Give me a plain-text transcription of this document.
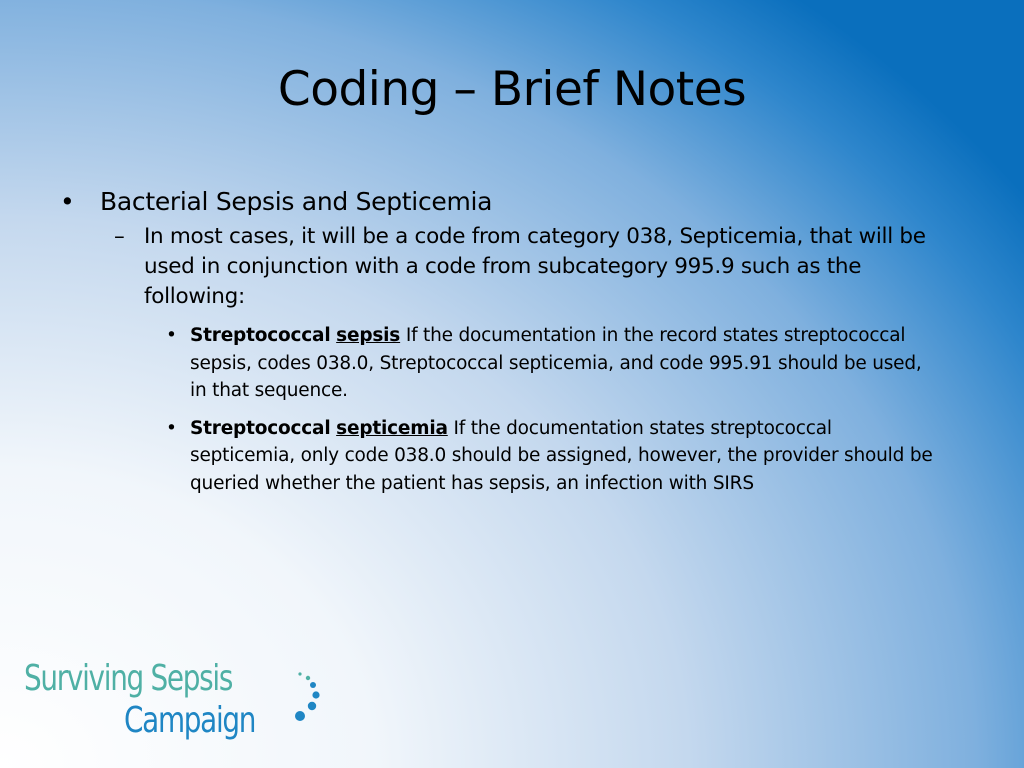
Coding – Brief Notes
• Bacterial Sepsis and Septicemia
– In most cases, it will be a code from category 038, Septicemia, that will be used in conjunction with a code from subcategory 995.9 such as the following:
• Streptococcal sepsis If the documentation in the record states streptococcal sepsis, codes 038.0, Streptococcal septicemia, and code 995.91 should be used, in that sequence.
• Streptococcal septicemia If the documentation states streptococcal septicemia, only code 038.0 should be assigned, however, the provider should be queried whether the patient has sepsis, an infection with SIRS
Surviving Sepsis
Campaign
